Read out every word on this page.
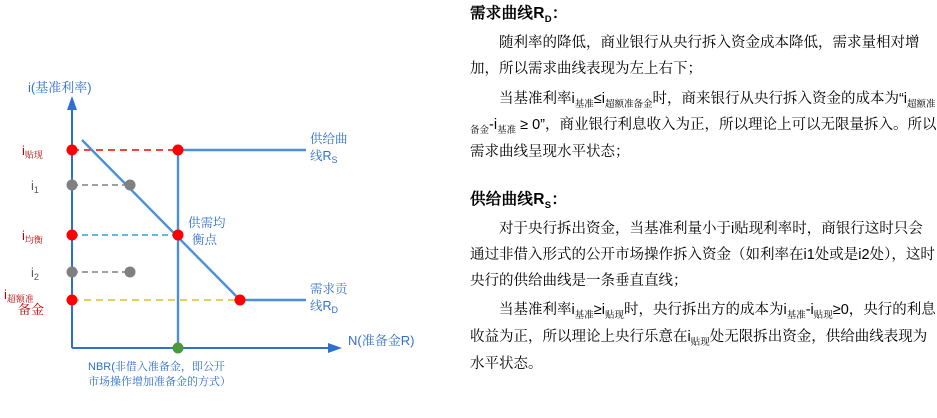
i(基准利率)
N(准备金R)
$i_{贴现}$
$i_1$
$i_{均衡}$
$i_2$
$i_{超额准}$
备金
供给曲
线$R_S$
需求贡
线$R_D$
供需均
衡点
NBR(非借入准备金，即公开
市场操作增加准备金的方式）
需求曲线$R_D$：

随利率的降低，商业银行从央行拆入资金成本降低，需求量相对增加，所以需求曲线表现为左上右下；

当基准利率$i_{基准}\le i_{超额准备金}$时，商来银行从央行拆入资金的成本为“$i_{超额准备金}-i_{基准} \ge 0$”，商业银行利息收入为正，所以理论上可以无限量拆入。所以需求曲线呈现水平状态；

供给曲线$R_S$：

对于央行拆出资金，当基准利量小于i贴现利率时，商银行这时只会通过非借入形式的公开市场操作拆入资金（如利率在i1处或是i2处），这时央行的供给曲线是一条垂直直线；

当基准利率$i_{基准}\ge i_{贴现}$时，央行拆出方的成本为$i_{基准}-i_{贴现}\ge 0$，央行的利息收益为正，所以理论上央行乐意在$i_{贴现}$处无限拆出资金，供给曲线表现为水平状态。
